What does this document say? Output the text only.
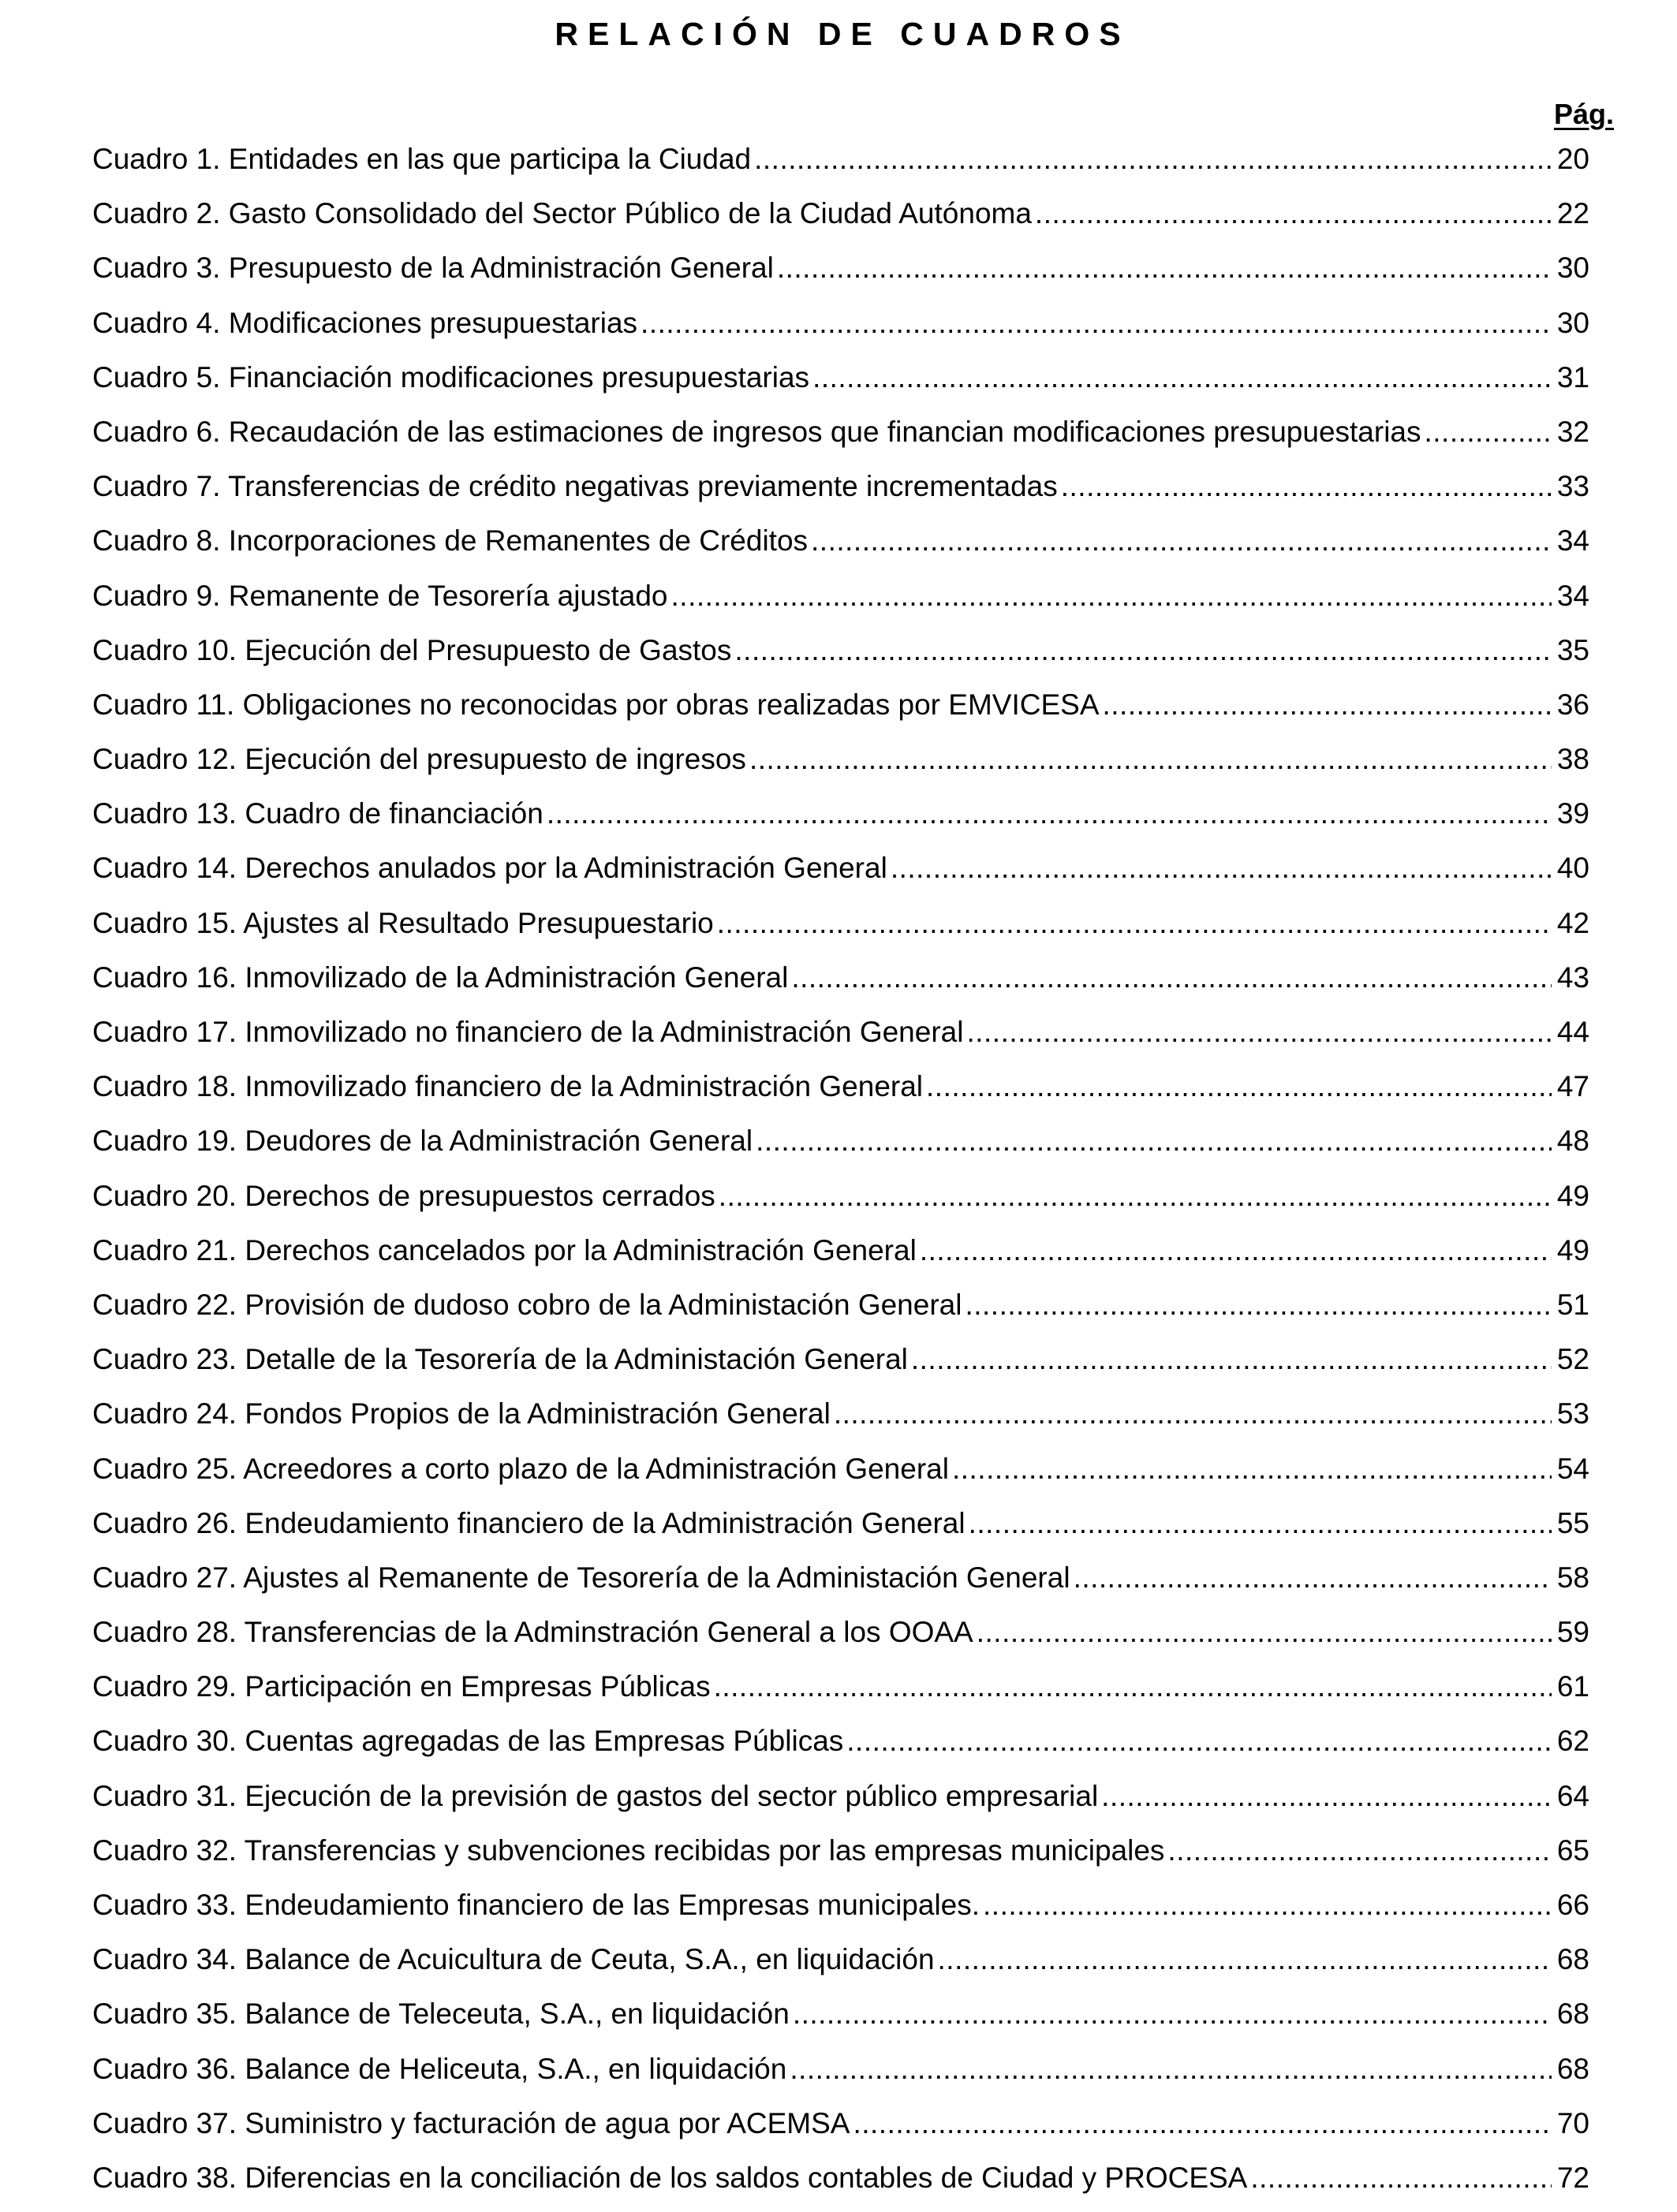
RELACIÓN DE CUADROS
Pág.
Cuadro 1. Entidades en las que participa la Ciudad .....	20
Cuadro 2. Gasto Consolidado del Sector Público de la Ciudad Autónoma .....	22
Cuadro 3. Presupuesto de la Administración General .....	30
Cuadro 4. Modificaciones presupuestarias .....	30
Cuadro 5. Financiación modificaciones presupuestarias .....	31
Cuadro 6. Recaudación de las estimaciones de ingresos que financian modificaciones presupuestarias .....	32
Cuadro 7. Transferencias de crédito negativas previamente incrementadas .....	33
Cuadro 8. Incorporaciones de Remanentes de Créditos .....	34
Cuadro 9. Remanente de Tesorería ajustado .....	34
Cuadro 10. Ejecución del Presupuesto de Gastos .....	35
Cuadro 11. Obligaciones no reconocidas por obras realizadas por EMVICESA .....	36
Cuadro 12. Ejecución del presupuesto de ingresos .....	38
Cuadro 13. Cuadro de financiación .....	39
Cuadro 14. Derechos anulados por la Administración General .....	40
Cuadro 15. Ajustes al Resultado Presupuestario .....	42
Cuadro 16. Inmovilizado de la Administración General .....	43
Cuadro 17. Inmovilizado no financiero de la Administración General .....	44
Cuadro 18. Inmovilizado financiero de la Administración General .....	47
Cuadro 19. Deudores de la Administración General .....	48
Cuadro 20. Derechos de presupuestos cerrados .....	49
Cuadro 21. Derechos cancelados por la Administración General .....	49
Cuadro 22. Provisión de dudoso cobro de la Administación General .....	51
Cuadro 23. Detalle de la Tesorería de la Administación General .....	52
Cuadro 24. Fondos Propios de la Administración General .....	53
Cuadro 25. Acreedores a corto plazo de la Administración General .....	54
Cuadro 26. Endeudamiento financiero de la Administración General .....	55
Cuadro 27. Ajustes al Remanente de Tesorería de la Administación General .....	58
Cuadro 28. Transferencias de la Adminstración General a los OOAA .....	59
Cuadro 29. Participación en Empresas Públicas .....	61
Cuadro 30. Cuentas agregadas de las Empresas Públicas .....	62
Cuadro 31. Ejecución de la previsión de gastos del sector público empresarial .....	64
Cuadro 32. Transferencias y subvenciones recibidas por las empresas municipales .....	65
Cuadro 33. Endeudamiento financiero de las Empresas municipales. .....	66
Cuadro 34. Balance de Acuicultura de Ceuta, S.A., en liquidación .....	68
Cuadro 35. Balance de Teleceuta, S.A., en liquidación .....	68
Cuadro 36. Balance de Heliceuta, S.A., en liquidación .....	68
Cuadro 37. Suministro y facturación de agua por ACEMSA .....	70
Cuadro 38. Diferencias en la conciliación de los saldos contables de Ciudad y PROCESA .....	72
